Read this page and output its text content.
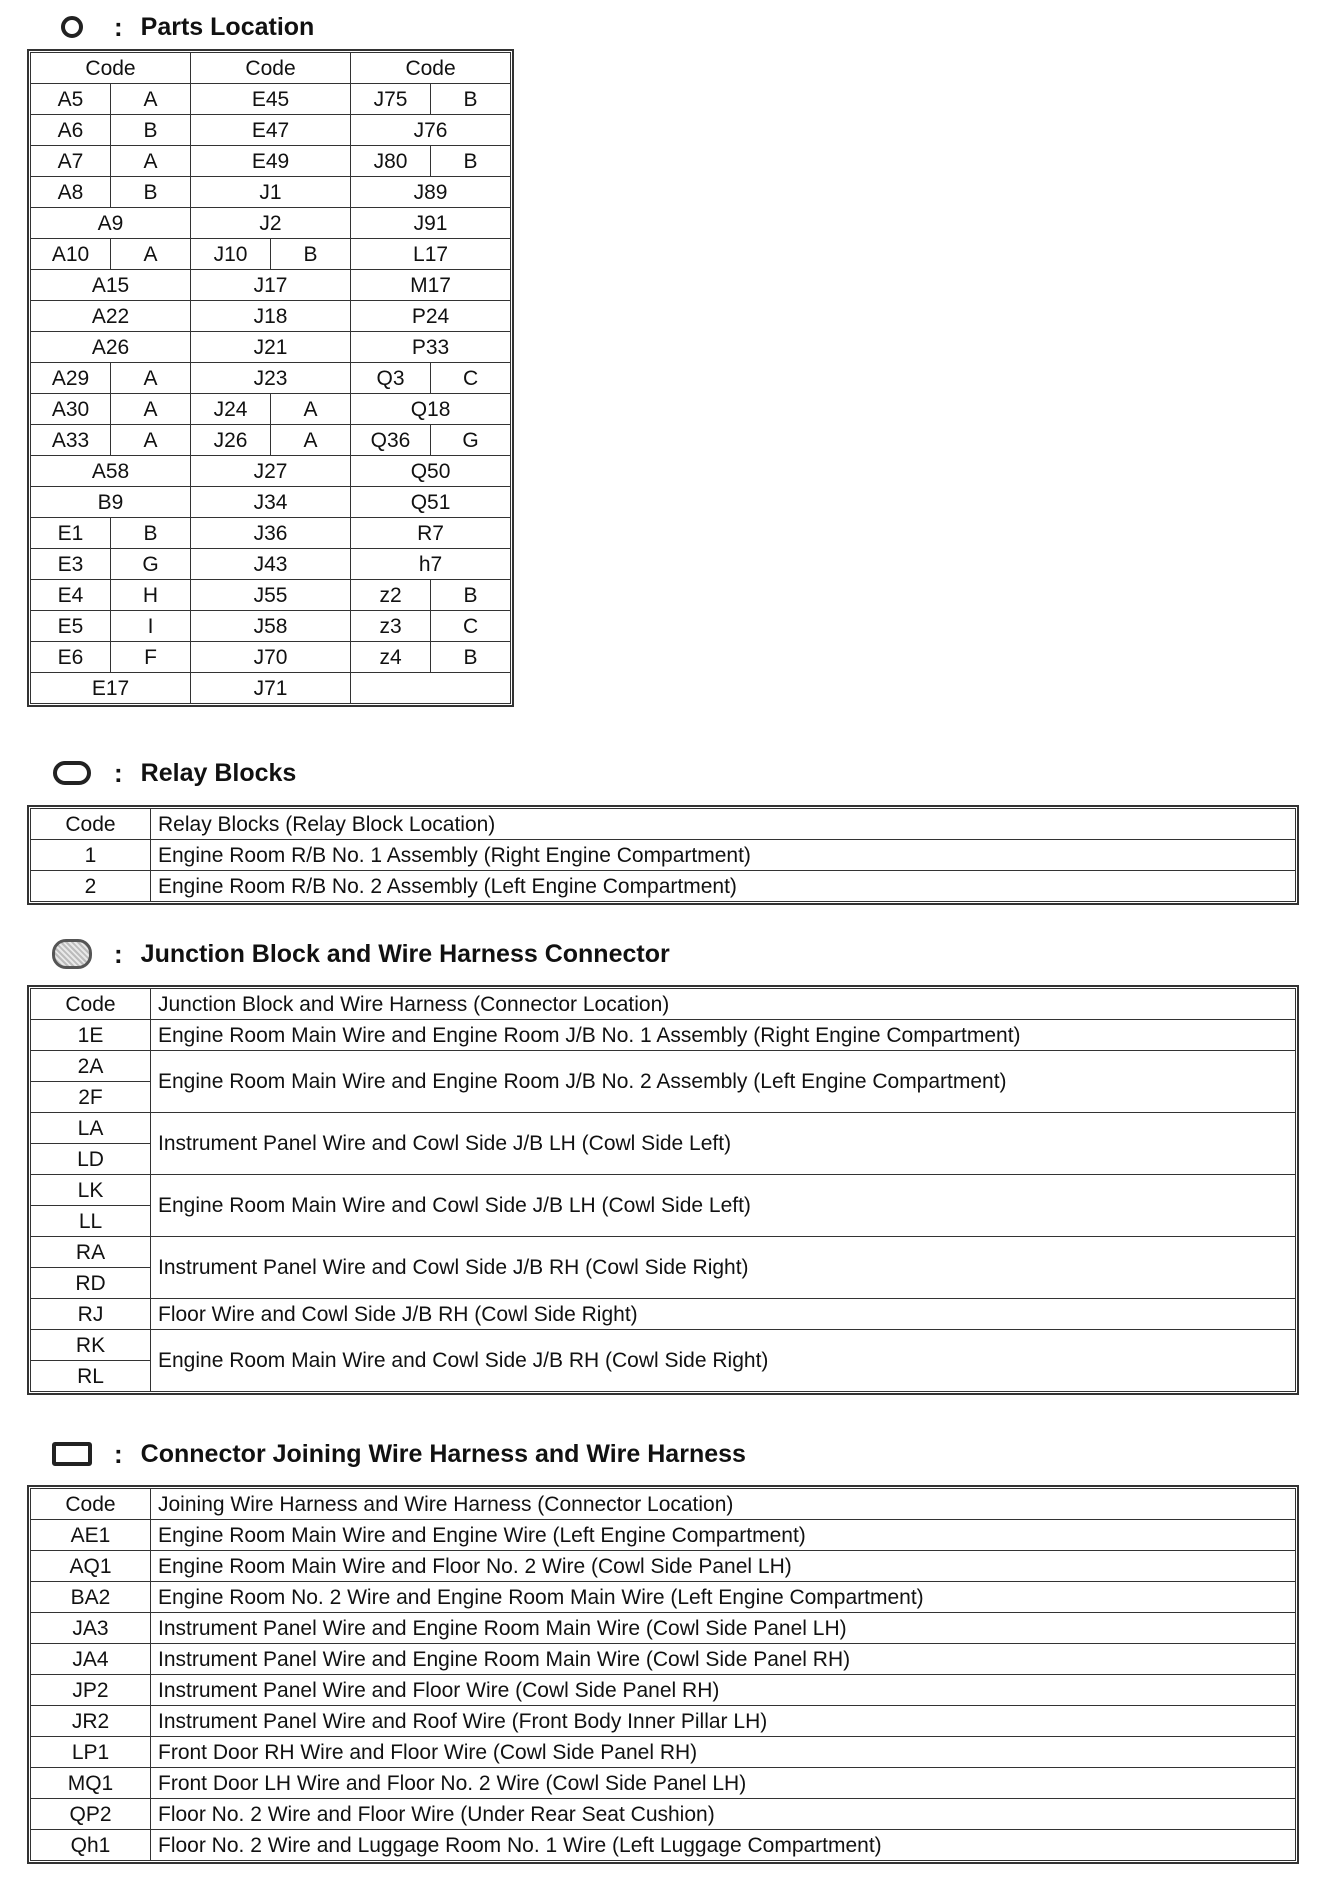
: Parts Location
Code		Code		Code	
A5	A	E45		J75	B
A6	B	E47		J76	
A7	A	E49		J80	B
A8	B	J1		J89	
A9		J2		J91	
A10	A	J10	B	L17	
A15		J17		M17	
A22		J18		P24	
A26		J21		P33	
A29	A	J23		Q3	C
A30	A	J24	A	Q18	
A33	A	J26	A	Q36	G
A58		J27		Q50	
B9		J34		Q51	
E1	B	J36		R7	
E3	G	J43		h7	
E4	H	J55		z2	B
E5	I	J58		z3	C
E6	F	J70		z4	B
E17		J71			
: Relay Blocks
Code	Relay Blocks (Relay Block Location)
1	Engine Room R/B No. 1 Assembly (Right Engine Compartment)
2	Engine Room R/B No. 2 Assembly (Left Engine Compartment)
: Junction Block and Wire Harness Connector
Code	Junction Block and Wire Harness (Connector Location)
1E	Engine Room Main Wire and Engine Room J/B No. 1 Assembly (Right Engine Compartment)
2A	Engine Room Main Wire and Engine Room J/B No. 2 Assembly (Left Engine Compartment)
2F	
LA	Instrument Panel Wire and Cowl Side J/B LH (Cowl Side Left)
LD	
LK	Engine Room Main Wire and Cowl Side J/B LH (Cowl Side Left)
LL	
RA	Instrument Panel Wire and Cowl Side J/B RH (Cowl Side Right)
RD	
RJ	Floor Wire and Cowl Side J/B RH (Cowl Side Right)
RK	Engine Room Main Wire and Cowl Side J/B RH (Cowl Side Right)
RL	
: Connector Joining Wire Harness and Wire Harness
Code	Joining Wire Harness and Wire Harness (Connector Location)
AE1	Engine Room Main Wire and Engine Wire (Left Engine Compartment)
AQ1	Engine Room Main Wire and Floor No. 2 Wire (Cowl Side Panel LH)
BA2	Engine Room No. 2 Wire and Engine Room Main Wire (Left Engine Compartment)
JA3	Instrument Panel Wire and Engine Room Main Wire (Cowl Side Panel LH)
JA4	Instrument Panel Wire and Engine Room Main Wire (Cowl Side Panel RH)
JP2	Instrument Panel Wire and Floor Wire (Cowl Side Panel RH)
JR2	Instrument Panel Wire and Roof Wire (Front Body Inner Pillar LH)
LP1	Front Door RH Wire and Floor Wire (Cowl Side Panel RH)
MQ1	Front Door LH Wire and Floor No. 2 Wire (Cowl Side Panel LH)
QP2	Floor No. 2 Wire and Floor Wire (Under Rear Seat Cushion)
Qh1	Floor No. 2 Wire and Luggage Room No. 1 Wire (Left Luggage Compartment)
